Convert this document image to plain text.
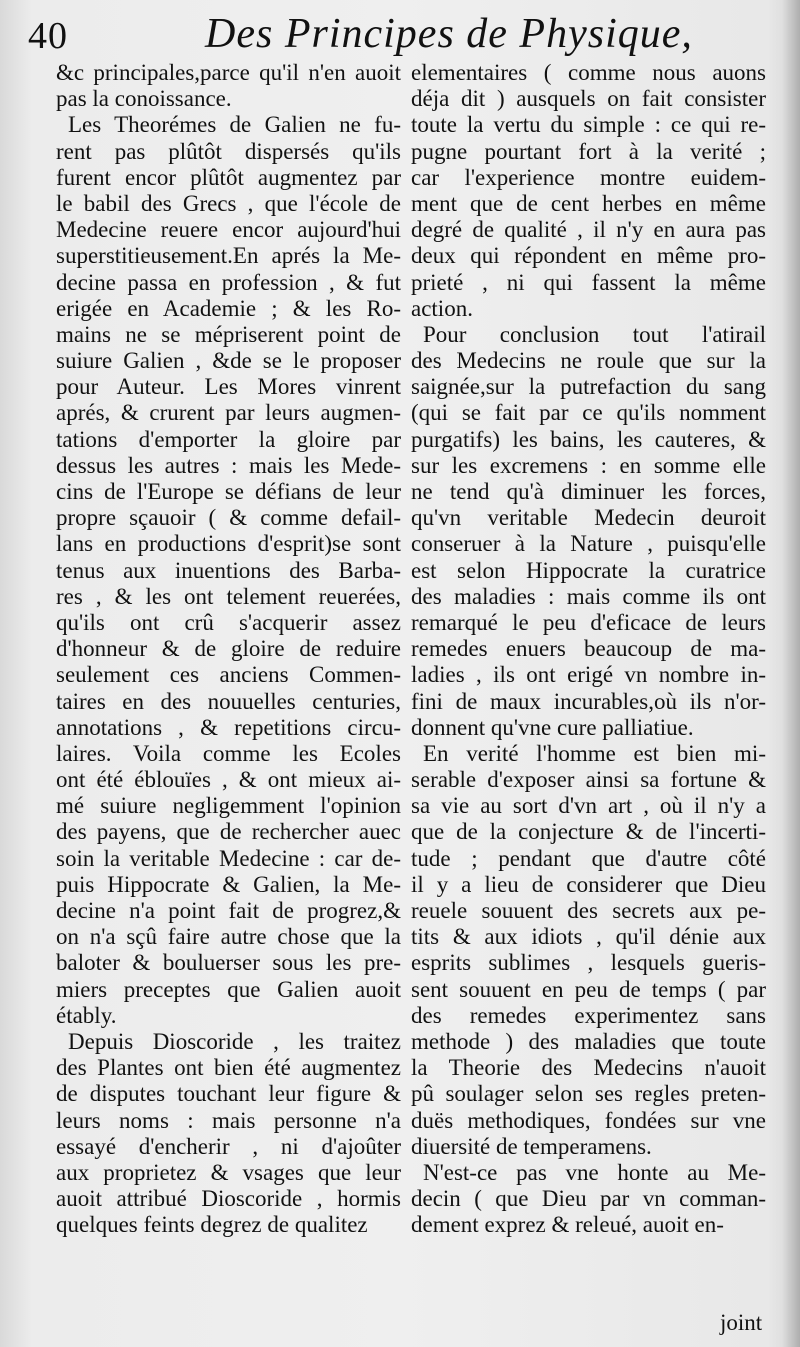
40	Des Principes de Physique,
&c principales,parce qu'il n'en auoit
pas la conoissance.
Les Theorémes de Galien ne fu-
rent pas plûtôt dispersés qu'ils
furent encor plûtôt augmentez par
le babil des Grecs , que l'école de
Medecine reuere encor aujourd'hui
superstitieusement.En aprés la Me-
decine passa en profession , & fut
erigée en Academie ; & les Ro-
mains ne se mépriserent point de
suiure Galien , &de se le proposer
pour Auteur. Les Mores vinrent
aprés, & crurent par leurs augmen-
tations d'emporter la gloire par
dessus les autres : mais les Mede-
cins de l'Europe se défians de leur
propre sçauoir ( & comme defail-
lans en productions d'esprit)se sont
tenus aux inuentions des Barba-
res , & les ont telement reuerées,
qu'ils ont crû s'acquerir assez
d'honneur & de gloire de reduire
seulement ces anciens Commen-
taires en des nouuelles centuries,
annotations , & repetitions circu-
laires. Voila comme les Ecoles
ont été éblouïes , & ont mieux ai-
mé suiure negligemment l'opinion
des payens, que de rechercher auec
soin la veritable Medecine : car de-
puis Hippocrate & Galien, la Me-
decine n'a point fait de progrez,&
on n'a sçû faire autre chose que la
baloter & bouluerser sous les pre-
miers preceptes que Galien auoit
étably.
Depuis Dioscoride , les traitez
des Plantes ont bien été augmentez
de disputes touchant leur figure &
leurs noms : mais personne n'a
essayé d'encherir , ni d'ajoûter
aux proprietez & vsages que leur
auoit attribué Dioscoride , hormis
quelques feints degrez de qualitez
elementaires ( comme nous auons
déja dit ) ausquels on fait consister
toute la vertu du simple : ce qui re-
pugne pourtant fort à la verité ;
car l'experience montre euidem-
ment que de cent herbes en même
degré de qualité , il n'y en aura pas
deux qui répondent en même pro-
prieté , ni qui fassent la même
action.
Pour conclusion tout l'atirail
des Medecins ne roule que sur la
saignée,sur la putrefaction du sang
(qui se fait par ce qu'ils nomment
purgatifs) les bains, les cauteres, &
sur les excremens : en somme elle
ne tend qu'à diminuer les forces,
qu'vn veritable Medecin deuroit
conseruer à la Nature , puisqu'elle
est selon Hippocrate la curatrice
des maladies : mais comme ils ont
remarqué le peu d'eficace de leurs
remedes enuers beaucoup de ma-
ladies , ils ont erigé vn nombre in-
fini de maux incurables,où ils n'or-
donnent qu'vne cure palliatiue.
En verité l'homme est bien mi-
serable d'exposer ainsi sa fortune &
sa vie au sort d'vn art , où il n'y a
que de la conjecture & de l'incerti-
tude ; pendant que d'autre côté
il y a lieu de considerer que Dieu
reuele souuent des secrets aux pe-
tits & aux idiots , qu'il dénie aux
esprits sublimes , lesquels gueris-
sent souuent en peu de temps ( par
des remedes experimentez sans
methode ) des maladies que toute
la Theorie des Medecins n'auoit
pû soulager selon ses regles preten-
duës methodiques, fondées sur vne
diuersité de temperamens.
N'est-ce pas vne honte au Me-
decin ( que Dieu par vn comman-
dement exprez & releué, auoit en-
joint
